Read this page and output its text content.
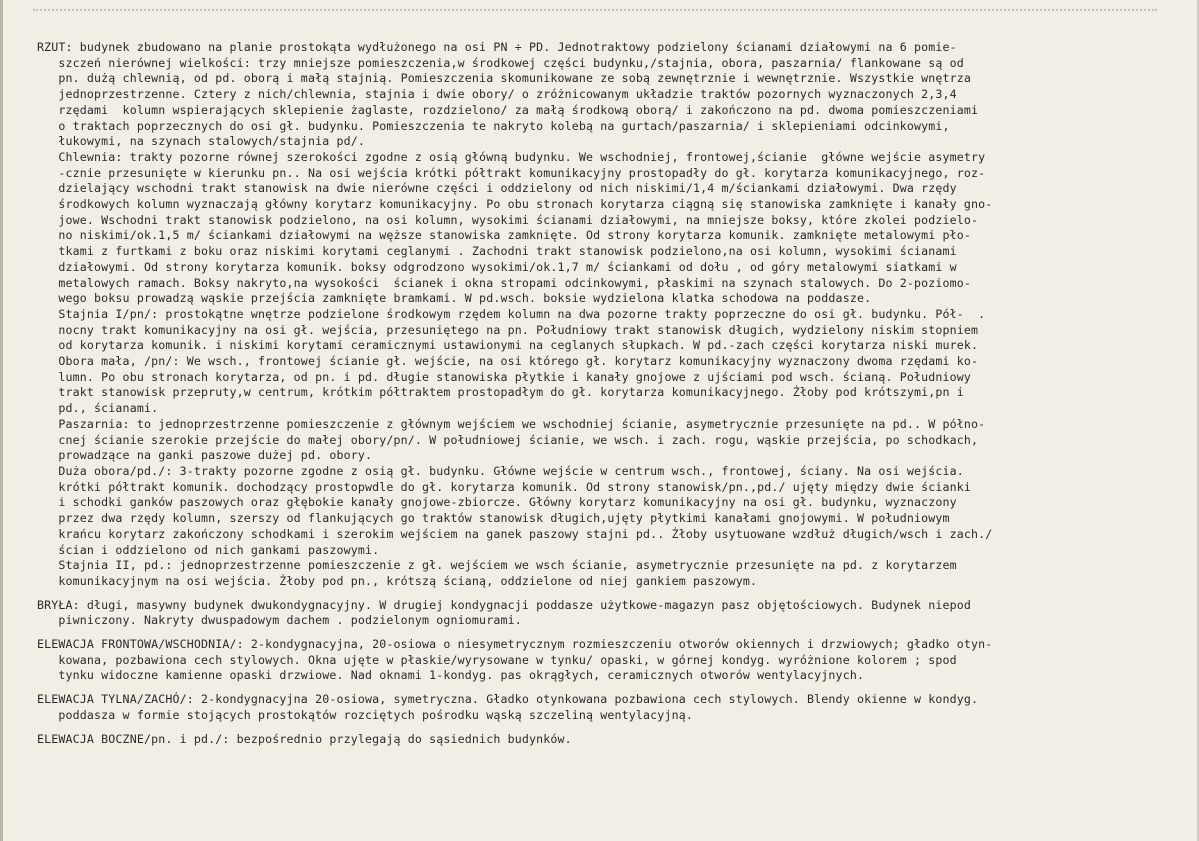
RZUT: budynek zbudowano na planie prostokąta wydłużonego na osi PN ÷ PD. Jednotraktowy podzielony ścianami działowymi na 6 pomie-
szczeń nierównej wielkości: trzy mniejsze pomieszczenia,w środkowej części budynku,/stajnia, obora, paszarnia/ flankowane są od
pn. dużą chlewnią, od pd. oborą i małą stajnią. Pomieszczenia skomunikowane ze sobą zewnętrznie i wewnętrznie. Wszystkie wnętrza
jednoprzestrzenne. Cztery z nich/chlewnia, stajnia i dwie obory/ o zróżnicowanym układzie traktów pozornych wyznaczonych 2,3,4
rzędami  kolumn wspierających sklepienie żaglaste, rozdzielono/ za małą środkową oborą/ i zakończono na pd. dwoma pomieszczeniami
o traktach poprzecznych do osi gł. budynku. Pomieszczenia te nakryto kolebą na gurtach/paszarnia/ i sklepieniami odcinkowymi,
łukowymi, na szynach stalowych/stajnia pd/.
Chlewnia: trakty pozorne równej szerokości zgodne z osią główną budynku. We wschodniej, frontowej,ścianie  główne wejście asymetry
-cznie przesunięte w kierunku pn.. Na osi wejścia krótki półtrakt komunikacyjny prostopadły do gł. korytarza komunikacyjnego, roz-
dzielający wschodni trakt stanowisk na dwie nierówne części i oddzielony od nich niskimi/1,4 m/ściankami działowymi. Dwa rzędy
środkowych kolumn wyznaczają główny korytarz komunikacyjny. Po obu stronach korytarza ciągną się stanowiska zamknięte i kanały gno-
jowe. Wschodni trakt stanowisk podzielono, na osi kolumn, wysokimi ścianami działowymi, na mniejsze boksy, które zkolei podzielo-
no niskimi/ok.1,5 m/ ściankami działowymi na węższe stanowiska zamknięte. Od strony korytarza komunik. zamknięte metalowymi pło-
tkami z furtkami z boku oraz niskimi korytami ceglanymi . Zachodni trakt stanowisk podzielono,na osi kolumn, wysokimi ścianami
działowymi. Od strony korytarza komunik. boksy odgrodzono wysokimi/ok.1,7 m/ ściankami od dołu , od góry metalowymi siatkami w
metalowych ramach. Boksy nakryto,na wysokości  ścianek i okna stropami odcinkowymi, płaskimi na szynach stalowych. Do 2-poziomo-
wego boksu prowadzą wąskie przejścia zamknięte bramkami. W pd.wsch. boksie wydzielona klatka schodowa na poddasze.
Stajnia I/pn/: prostokątne wnętrze podzielone środkowym rzędem kolumn na dwa pozorne trakty poprzeczne do osi gł. budynku. Pół-  .
nocny trakt komunikacyjny na osi gł. wejścia, przesuniętego na pn. Południowy trakt stanowisk długich, wydzielony niskim stopniem
od korytarza komunik. i niskimi korytami ceramicznymi ustawionymi na ceglanych słupkach. W pd.-zach części korytarza niski murek.
Obora mała, /pn/: We wsch., frontowej ścianie gł. wejście, na osi którego gł. korytarz komunikacyjny wyznaczony dwoma rzędami ko-
lumn. Po obu stronach korytarza, od pn. i pd. długie stanowiska płytkie i kanały gnojowe z ujściami pod wsch. ścianą. Południowy
trakt stanowisk przepruty,w centrum, krótkim półtraktem prostopadłym do gł. korytarza komunikacyjnego. Żłoby pod krótszymi,pn i
pd., ścianami.
Paszarnia: to jednoprzestrzenne pomieszczenie z głównym wejściem we wschodniej ścianie, asymetrycznie przesunięte na pd.. W półno-
cnej ścianie szerokie przejście do małej obory/pn/. W południowej ścianie, we wsch. i zach. rogu, wąskie przejścia, po schodkach,
prowadzące na ganki paszowe dużej pd. obory.
Duża obora/pd./: 3-trakty pozorne zgodne z osią gł. budynku. Główne wejście w centrum wsch., frontowej, ściany. Na osi wejścia.
krótki półtrakt komunik. dochodzący prostopwdle do gł. korytarza komunik. Od strony stanowisk/pn.,pd./ ujęty między dwie ścianki
i schodki ganków paszowych oraz głębokie kanały gnojowe-zbiorcze. Główny korytarz komunikacyjny na osi gł. budynku, wyznaczony
przez dwa rzędy kolumn, szerszy od flankujących go traktów stanowisk długich,ujęty płytkimi kanałami gnojowymi. W południowym
krańcu korytarz zakończony schodkami i szerokim wejściem na ganek paszowy stajni pd.. Żłoby usytuowane wzdłuż długich/wsch i zach./
ścian i oddzielono od nich gankami paszowymi.
Stajnia II, pd.: jednoprzestrzenne pomieszczenie z gł. wejściem we wsch ścianie, asymetrycznie przesunięte na pd. z korytarzem
komunikacyjnym na osi wejścia. Żłoby pod pn., krótszą ścianą, oddzielone od niej gankiem paszowym.
BRYŁA: długi, masywny budynek dwukondygnacyjny. W drugiej kondygnacji poddasze użytkowe-magazyn pasz objętościowych. Budynek niepod
piwniczony. Nakryty dwuspadowym dachem . podzielonym ogniomurami.
ELEWACJA FRONTOWA/WSCHODNIA/: 2-kondygnacyjna, 20-osiowa o niesymetrycznym rozmieszczeniu otworów okiennych i drzwiowych; gładko otyn-
kowana, pozbawiona cech stylowych. Okna ujęte w płaskie/wyrysowane w tynku/ opaski, w górnej kondyg. wyróżnione kolorem ; spod
tynku widoczne kamienne opaski drzwiowe. Nad oknami 1-kondyg. pas okrągłych, ceramicznych otworów wentylacyjnych.
ELEWACJA TYLNA/ZACHÓ/: 2-kondygnacyjna 20-osiowa, symetryczna. Gładko otynkowana pozbawiona cech stylowych. Blendy okienne w kondyg.
poddasza w formie stojących prostokątów rozciętych pośrodku wąską szczeliną wentylacyjną.
ELEWACJA BOCZNE/pn. i pd./: bezpośrednio przylegają do sąsiednich budynków.
